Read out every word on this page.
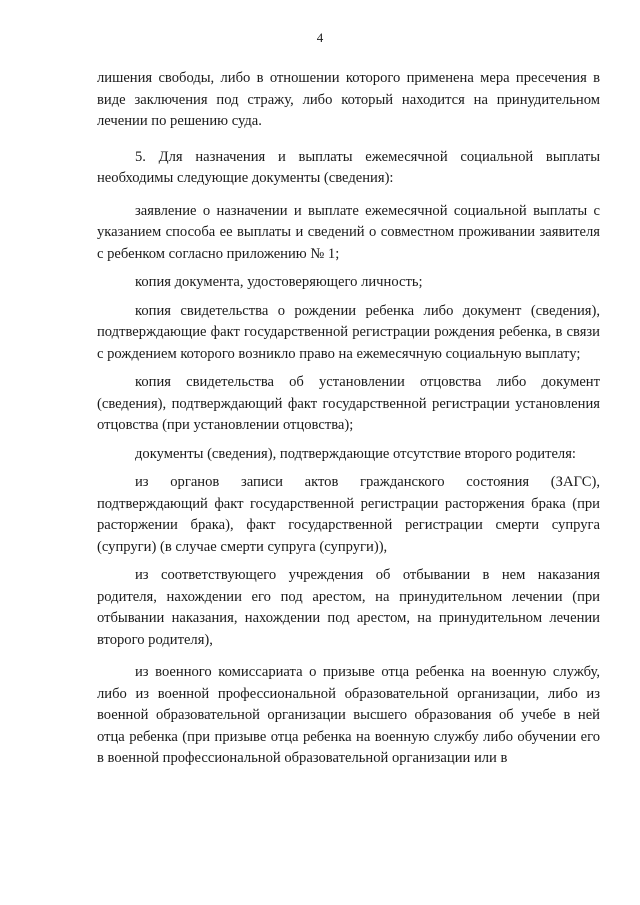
4

лишения свободы, либо в отношении которого применена мера пресечения в виде заключения под стражу, либо который находится на принудительном лечении по решению суда.

5. Для назначения и выплаты ежемесячной социальной выплаты необходимы следующие документы (сведения):

заявление о назначении и выплате ежемесячной социальной выплаты с указанием способа ее выплаты и сведений о совместном проживании заявителя с ребенком согласно приложению № 1;

копия документа, удостоверяющего личность;

копия свидетельства о рождении ребенка либо документ (сведения), подтверждающие факт государственной регистрации рождения ребенка, в связи с рождением которого возникло право на ежемесячную социальную выплату;

копия свидетельства об установлении отцовства либо документ (сведения), подтверждающий факт государственной регистрации установления отцовства (при установлении отцовства);

документы (сведения), подтверждающие отсутствие второго родителя:

из органов записи актов гражданского состояния (ЗАГС), подтверждающий факт государственной регистрации расторжения брака (при расторжении брака), факт государственной регистрации смерти супруга (супруги) (в случае смерти супруга (супруги)),

из соответствующего учреждения об отбывании в нем наказания родителя, нахождении его под арестом, на принудительном лечении (при отбывании наказания, нахождении под арестом, на принудительном лечении второго родителя),

из военного комиссариата о призыве отца ребенка на военную службу, либо из военной профессиональной образовательной организации, либо из военной образовательной организации высшего образования об учебе в ней отца ребенка (при призыве отца ребенка на военную службу либо обучении его в военной профессиональной образовательной организации или в
